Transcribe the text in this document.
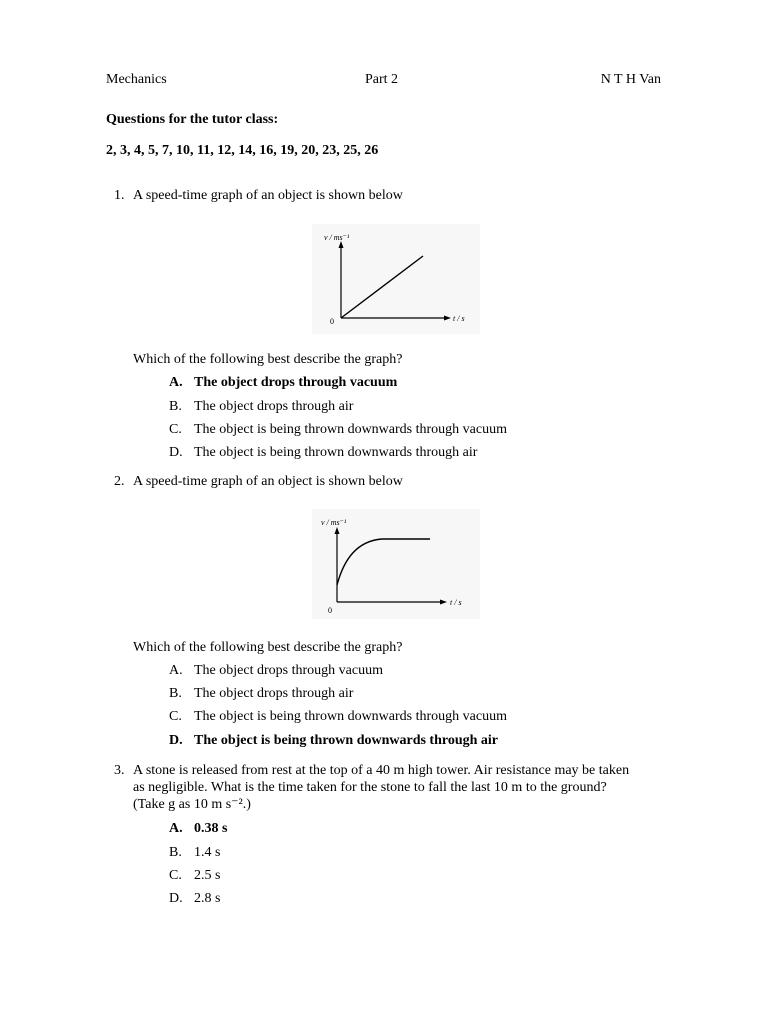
Mechanics	Part 2	N T H Van
Questions for the tutor class:
2, 3, 4, 5, 7, 10, 11, 12, 14, 16, 19, 20, 23, 25, 26
1. A speed-time graph of an object is shown below
v / ms⁻¹
t / s
0
Which of the following best describe the graph?
A. The object drops through vacuum
B. The object drops through air
C. The object is being thrown downwards through vacuum
D. The object is being thrown downwards through air
2. A speed-time graph of an object is shown below
v / ms⁻¹
t / s
0
Which of the following best describe the graph?
A. The object drops through vacuum
B. The object drops through air
C. The object is being thrown downwards through vacuum
D. The object is being thrown downwards through air
3. A stone is released from rest at the top of a 40 m high tower. Air resistance may be taken
as negligible. What is the time taken for the stone to fall the last 10 m to the ground?
(Take g as 10 m s⁻².)
A. 0.38 s
B. 1.4 s
C. 2.5 s
D. 2.8 s
